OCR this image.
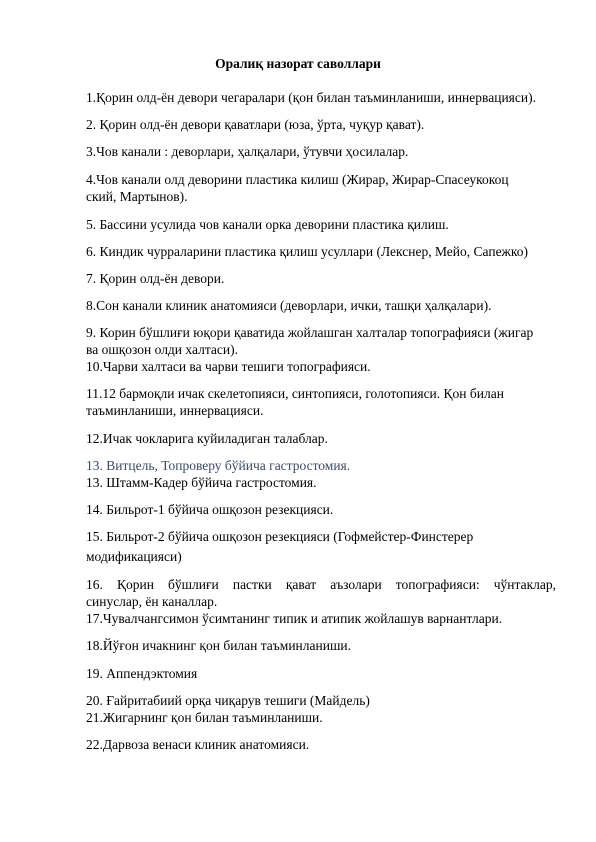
Оралиқ назорат саволлари
1.Қорин олд-ён девори чегаралари (қон билан таъминланиши, иннервацияси).
2. Қорин олд-ён девори қаватлари (юза, ўрта, чуқур қават).
3.Чов канали : деворлари, ҳалқалари, ўтувчи ҳосилалар.
4.Чов канали олд деворини пластика килиш (Жирар, Жирар-Спасеукокоц
ский, Мартынов).
5. Бассини усулида чов канали орка деворини пластика қилиш.
6. Киндик чурраларини пластика қилиш усуллари (Лекснер, Мейо, Сапежко)
7. Қорин олд-ён девори.
8.Сон канали клиник анатомияси (деворлари, ички, ташқи ҳалқалари).
9. Корин бўшлиғи юқори қаватида жойлашган халталар топографияси (жигар
ва ошқозон олди халтаси).
10.Чарви халтаси ва чарви тешиги топографияси.
11.12 бармоқли ичак скелетопияси, синтопияси, голотопияси. Қон билан
таъминланиши, иннервацияси.
12.Ичак чокларига куйиладиган талаблар.
13. Витцель, Топроверу бўйича гастростомия.
13. Штамм-Кадер бўйича гастростомия.
14. Бильрот-1 бўйича ошқозон резекцияси.
15. Бильрот-2 бўйича ошқозон резекцияси (Гофмейстер-Финстерер
модификацияси)
16. Қорин бўшлиғи пастки қават аъзолари топографияси: чўнтаклар,
синуслар, ён каналлар.
17.Чувалчангсимон ўсимтанинг типик и атипик жойлашув варнантлари.
18.Йўғон ичакнинг қон билан таъминланиши.
19. Аппендэктомия
20. Ғайритабиий орқа чиқарув тешиги (Майдель)
21.Жигарнинг қон билан таъминланиши.
22.Дарвоза венаси клиник анатомияси.
